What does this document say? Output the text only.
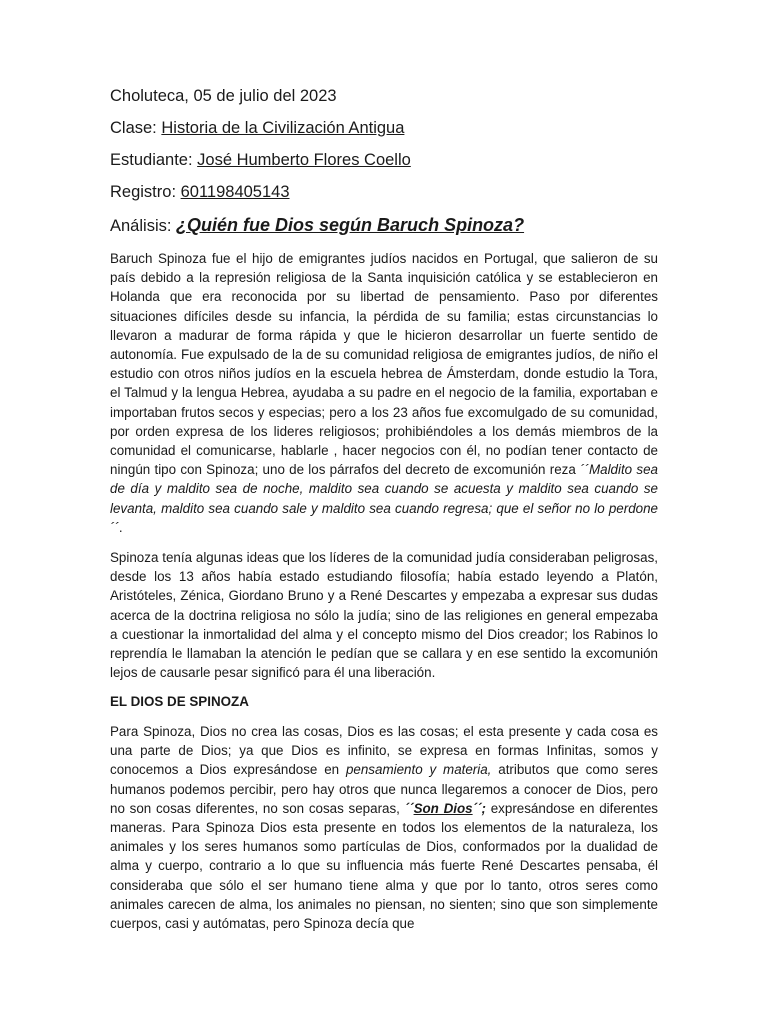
Choluteca, 05 de julio del 2023
Clase: Historia de la Civilización Antigua
Estudiante: José Humberto Flores Coello
Registro: 601198405143
Análisis: ¿Quién fue Dios según Baruch Spinoza?

Baruch Spinoza fue el hijo de emigrantes judíos nacidos en Portugal, que salieron de su país debido a la represión religiosa de la Santa inquisición católica y se establecieron en Holanda que era reconocida por su libertad de pensamiento. Paso por diferentes situaciones difíciles desde su infancia, la pérdida de su familia; estas circunstancias lo llevaron a madurar de forma rápida y que le hicieron desarrollar un fuerte sentido de autonomía. Fue expulsado de la de su comunidad religiosa de emigrantes judíos, de niño el estudio con otros niños judíos en la escuela hebrea de Ámsterdam, donde estudio la Tora, el Talmud y la lengua Hebrea, ayudaba a su padre en el negocio de la familia, exportaban e importaban frutos secos y especias; pero a los 23 años fue excomulgado de su comunidad, por orden expresa de los lideres religiosos; prohibiéndoles a los demás miembros de la comunidad el comunicarse, hablarle , hacer negocios con él, no podían tener contacto de ningún tipo con Spinoza; uno de los párrafos del decreto de excomunión reza ´´Maldito sea de día y maldito sea de noche, maldito sea cuando se acuesta y maldito sea cuando se levanta, maldito sea cuando sale y maldito sea cuando regresa; que el señor no lo perdone´´.

Spinoza tenía algunas ideas que los líderes de la comunidad judía consideraban peligrosas, desde los 13 años había estado estudiando filosofía; había estado leyendo a Platón, Aristóteles, Zénica, Giordano Bruno y a René Descartes y empezaba a expresar sus dudas acerca de la doctrina religiosa no sólo la judía; sino de las religiones en general empezaba a cuestionar la inmortalidad del alma y el concepto mismo del Dios creador; los Rabinos lo reprendía le llamaban la atención le pedían que se callara y en ese sentido la excomunión lejos de causarle pesar significó para él una liberación.

EL DIOS DE SPINOZA

Para Spinoza, Dios no crea las cosas, Dios es las cosas; el esta presente y cada cosa es una parte de Dios; ya que Dios es infinito, se expresa en formas Infinitas, somos y conocemos a Dios expresándose en pensamiento y materia, atributos que como seres humanos podemos percibir, pero hay otros que nunca llegaremos a conocer de Dios, pero no son cosas diferentes, no son cosas separas, ´´Son Dios´´; expresándose en diferentes maneras. Para Spinoza Dios esta presente en todos los elementos de la naturaleza, los animales y los seres humanos somo partículas de Dios, conformados por la dualidad de alma y cuerpo, contrario a lo que su influencia más fuerte René Descartes pensaba, él consideraba que sólo el ser humano tiene alma y que por lo tanto, otros seres como animales carecen de alma, los animales no piensan, no sienten; sino que son simplemente cuerpos, casi y autómatas, pero Spinoza decía que
